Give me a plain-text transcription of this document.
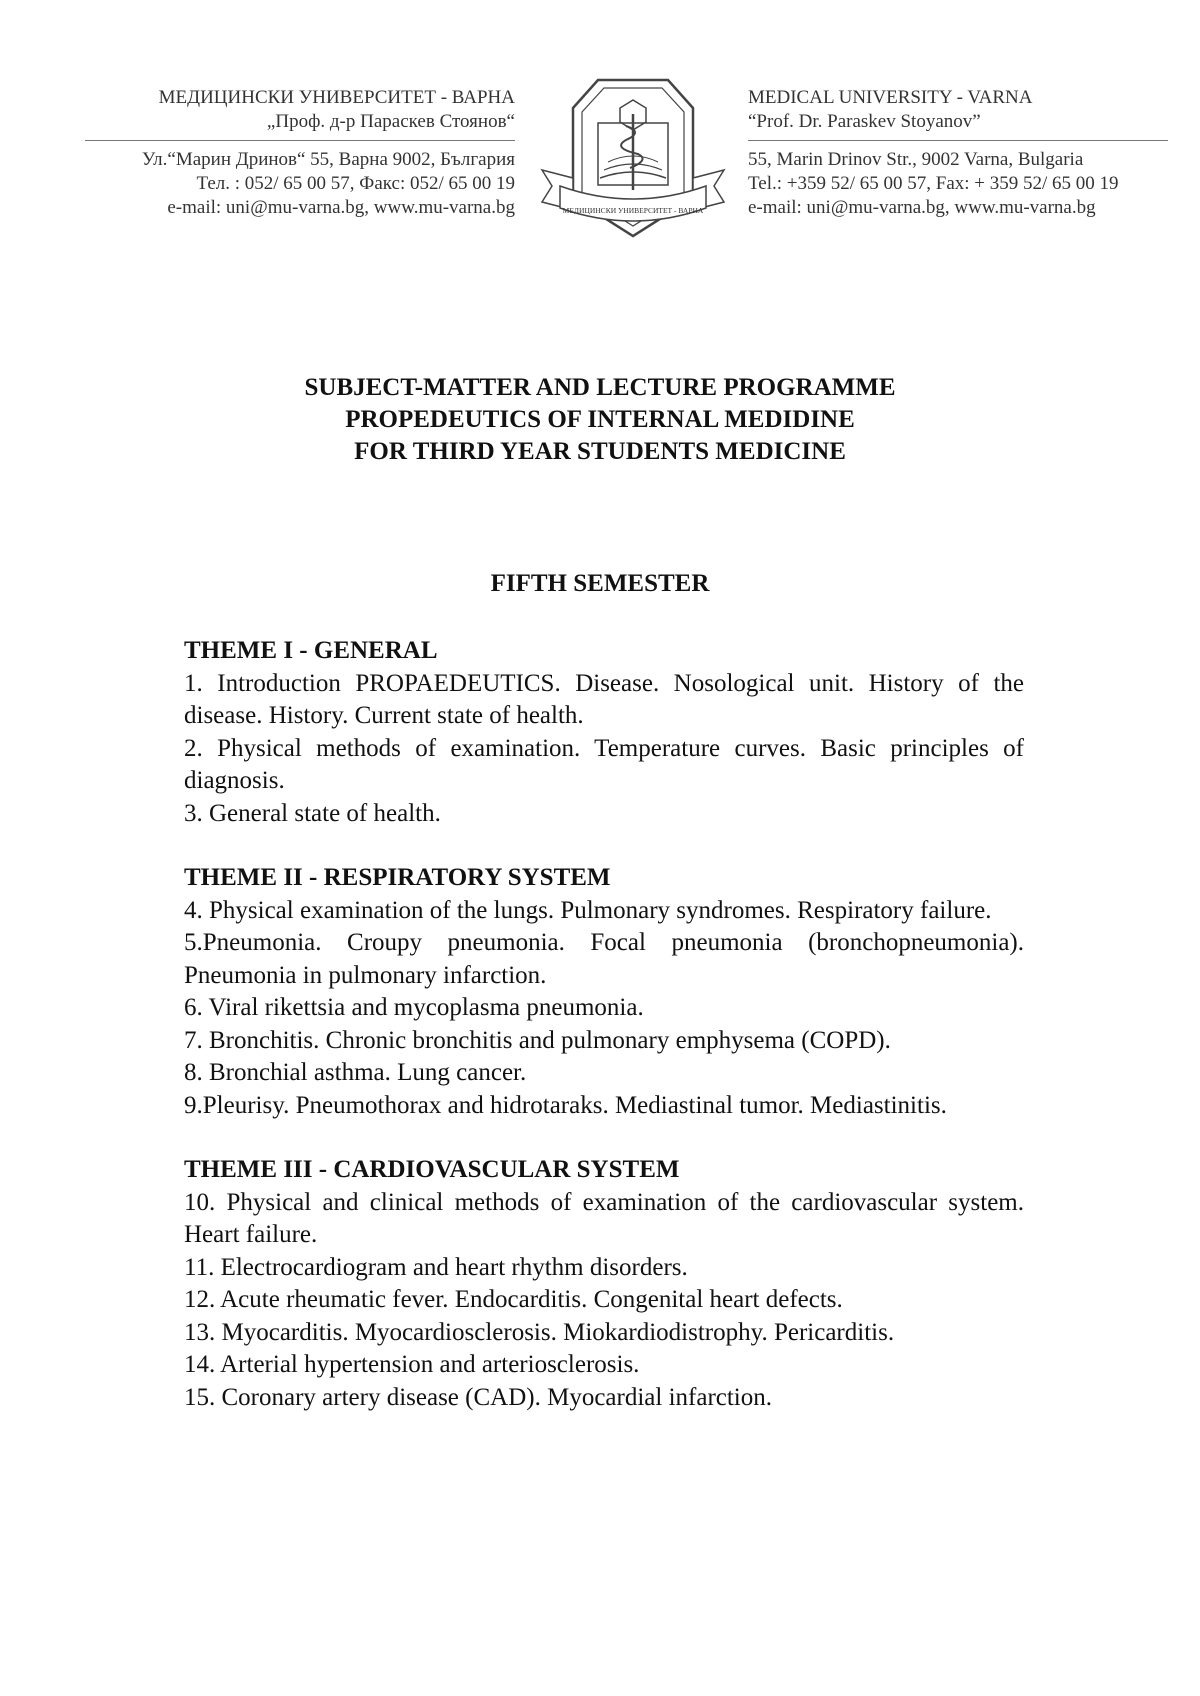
МЕДИЦИНСКИ УНИВЕРСИТЕТ - ВАРНА
„Проф. д-р Параскев Стоянов“
Ул.“Марин Дринов“ 55, Варна 9002, България
Тел. : 052/ 65 00 57, Факс: 052/ 65 00 19
e-mail: uni@mu-varna.bg, www.mu-varna.bg	МЕДИЦИНСКИ УНИВЕРСИТЕТ - ВАРНА
MEDICAL UNIVERSITY - VARNA
“Prof. Dr. Paraskev Stoyanov”
55, Marin Drinov Str., 9002 Varna, Bulgaria
Tel.: +359 52/ 65 00 57, Fax: + 359 52/ 65 00 19
e-mail: uni@mu-varna.bg, www.mu-varna.bg
SUBJECT-MATTER AND LECTURE PROGRAMME
PROPEDEUTICS OF INTERNAL MEDIDINE
FOR THIRD YEAR STUDENTS MEDICINE
FIFTH SEMESTER

THEME I - GENERAL

1. Introduction PROPAEDEUTICS. Disease. Nosological unit. History of the disease. History. Current state of health.

2. Physical methods of examination. Temperature curves. Basic principles of diagnosis.

3. General state of health.

THEME II - RESPIRATORY SYSTEM

4. Physical examination of the lungs. Pulmonary syndromes. Respiratory failure.

5.Pneumonia. Croupy pneumonia. Focal pneumonia (bronchopneumonia). Pneumonia in pulmonary infarction.

6. Viral rikettsia and mycoplasma pneumonia.

7. Bronchitis. Chronic bronchitis and pulmonary emphysema (COPD).

8. Bronchial asthma. Lung cancer.

9.Pleurisy. Pneumothorax and hidrotaraks. Mediastinal tumor. Mediastinitis.

THEME III - CARDIOVASCULAR SYSTEM

10. Physical and clinical methods of examination of the cardiovascular system. Heart failure.

11. Electrocardiogram and heart rhythm disorders.

12. Acute rheumatic fever. Endocarditis. Congenital heart defects.

13. Myocarditis. Myocardiosclerosis. Miokardiodistrophy. Pericarditis.

14. Arterial hypertension and arteriosclerosis.

15. Coronary artery disease (CAD). Myocardial infarction.
